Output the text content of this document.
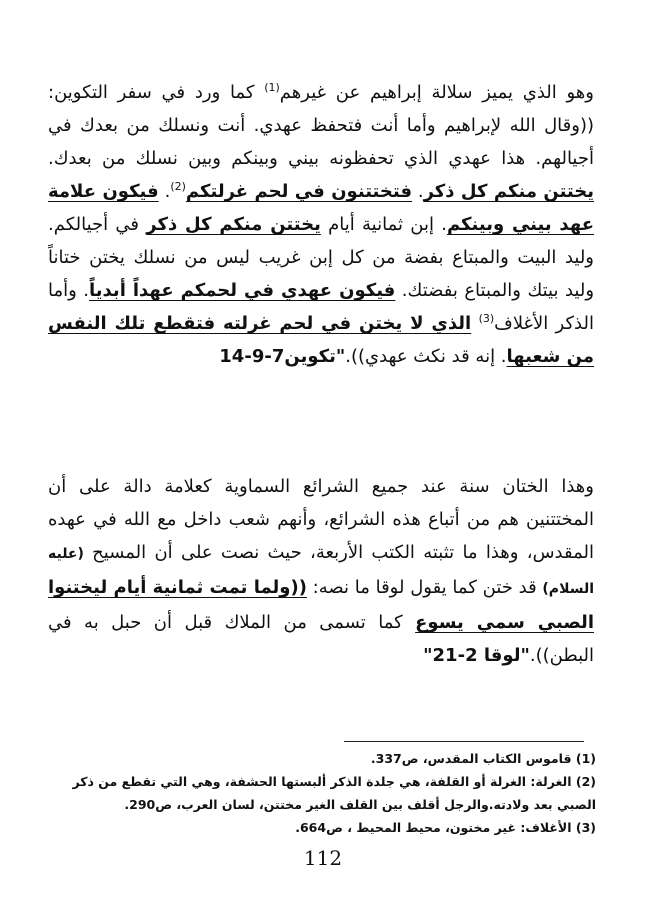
وهو الذي يميز سلالة إبراهيم عن غيرهم$^{(1)}$ كما ورد في سفر التكوين: ((وقال الله لإبراهيم وأما أنت فتحفظ عهدي. أنت ونسلك من بعدك في أجيالهم. هذا عهدي الذي تحفظونه بيني وبينكم وبين نسلك من بعدك. يختتن منكم كل ذكر. فتختتنون في لحم غرلتكم$^{(2)}$. فيكون علامة عهد بيني وبينكم. إبن ثمانية أيام يختتن منكم كل ذكر في أجيالكم. وليد البيت والمبتاع بفضة من كل إبن غريب ليس من نسلك يختن ختاناً وليد بيتك والمبتاع بفضتك. فيكون عهدي في لحمكم عهداً أبدياً. وأما الذكر الأغلاف$^{(3)}$ الذي لا يختن في لحم غرلته فتقطع تلك النفس من شعبها. إنه قد نكث عهدي))."تكوين7-9-14

وهذا الختان سنة عند جميع الشرائع السماوية كعلامة دالة على أن المختتنين هم من أتباع هذه الشرائع، وأنهم شعب داخل مع الله في عهده المقدس، وهذا ما تثبته الكتب الأربعة، حيث نصت على أن المسيح (عليه السلام) قد ختن كما يقول لوقا ما نصه: ((ولما تمت ثمانية أيام ليختنوا الصبي سمي يسوع كما تسمى من الملاك قبل أن حبل به في البطن))."لوقا 2-21"

(1) قاموس الكتاب المقدس، ص337.
(2) الغرلة: الغرلة أو القلفة، هي جلدة الذكر ألبستها الحشفة، وهي التي تقطع من ذكر الصبي بعد ولادته.والرجل أقلف بين القلف الغير مختتن، لسان العرب، ص290.
(3) الأغلاف: غير مختون، محيط المحيط ، ص664.
112
